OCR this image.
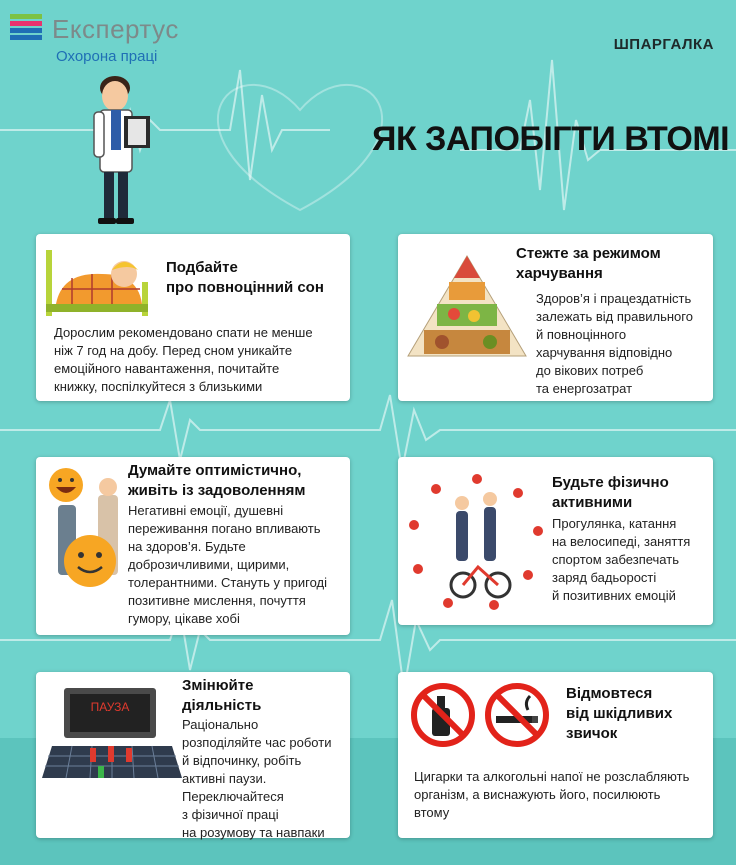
Експертус
Охорона праці
ШПАРГАЛКА
ЯК ЗАПОБІГТИ ВТОМІ
Подбайте
про повноцінний сон
Дорослим рекомендовано спати не менше
ніж 7 год на добу. Перед сном уникайте
емоційного навантаження, почитайте
книжку, поспілкуйтеся з близькими
Стежте за режимом
харчування
Здоров’я і працездатність
залежать від правильного
й повноцінного
харчування відповідно
до вікових потреб
та енергозатрат
Думайте оптимістично,
живіть із задоволенням
Негативні емоції, душевні
переживання погано впливають
на здоров’я. Будьте
доброзичливими, щирими,
толерантними. Стануть у пригоді
позитивне мислення, почуття
гумору, цікаве хобі
Будьте фізично
активними
Прогулянка, катання
на велосипеді, заняття
спортом забезпечать
заряд бадьорості
й позитивних емоцій
ПАУЗА
Змінюйте
діяльність
Раціонально
розподіляйте час роботи
й відпочинку, робіть
активні паузи.
Переключайтеся
з фізичної праці
на розумову та навпаки
Відмовтеся
від шкідливих
звичок
Цигарки та алкогольні напої не розслабляють
організм, а виснажують його, посилюють
втому
